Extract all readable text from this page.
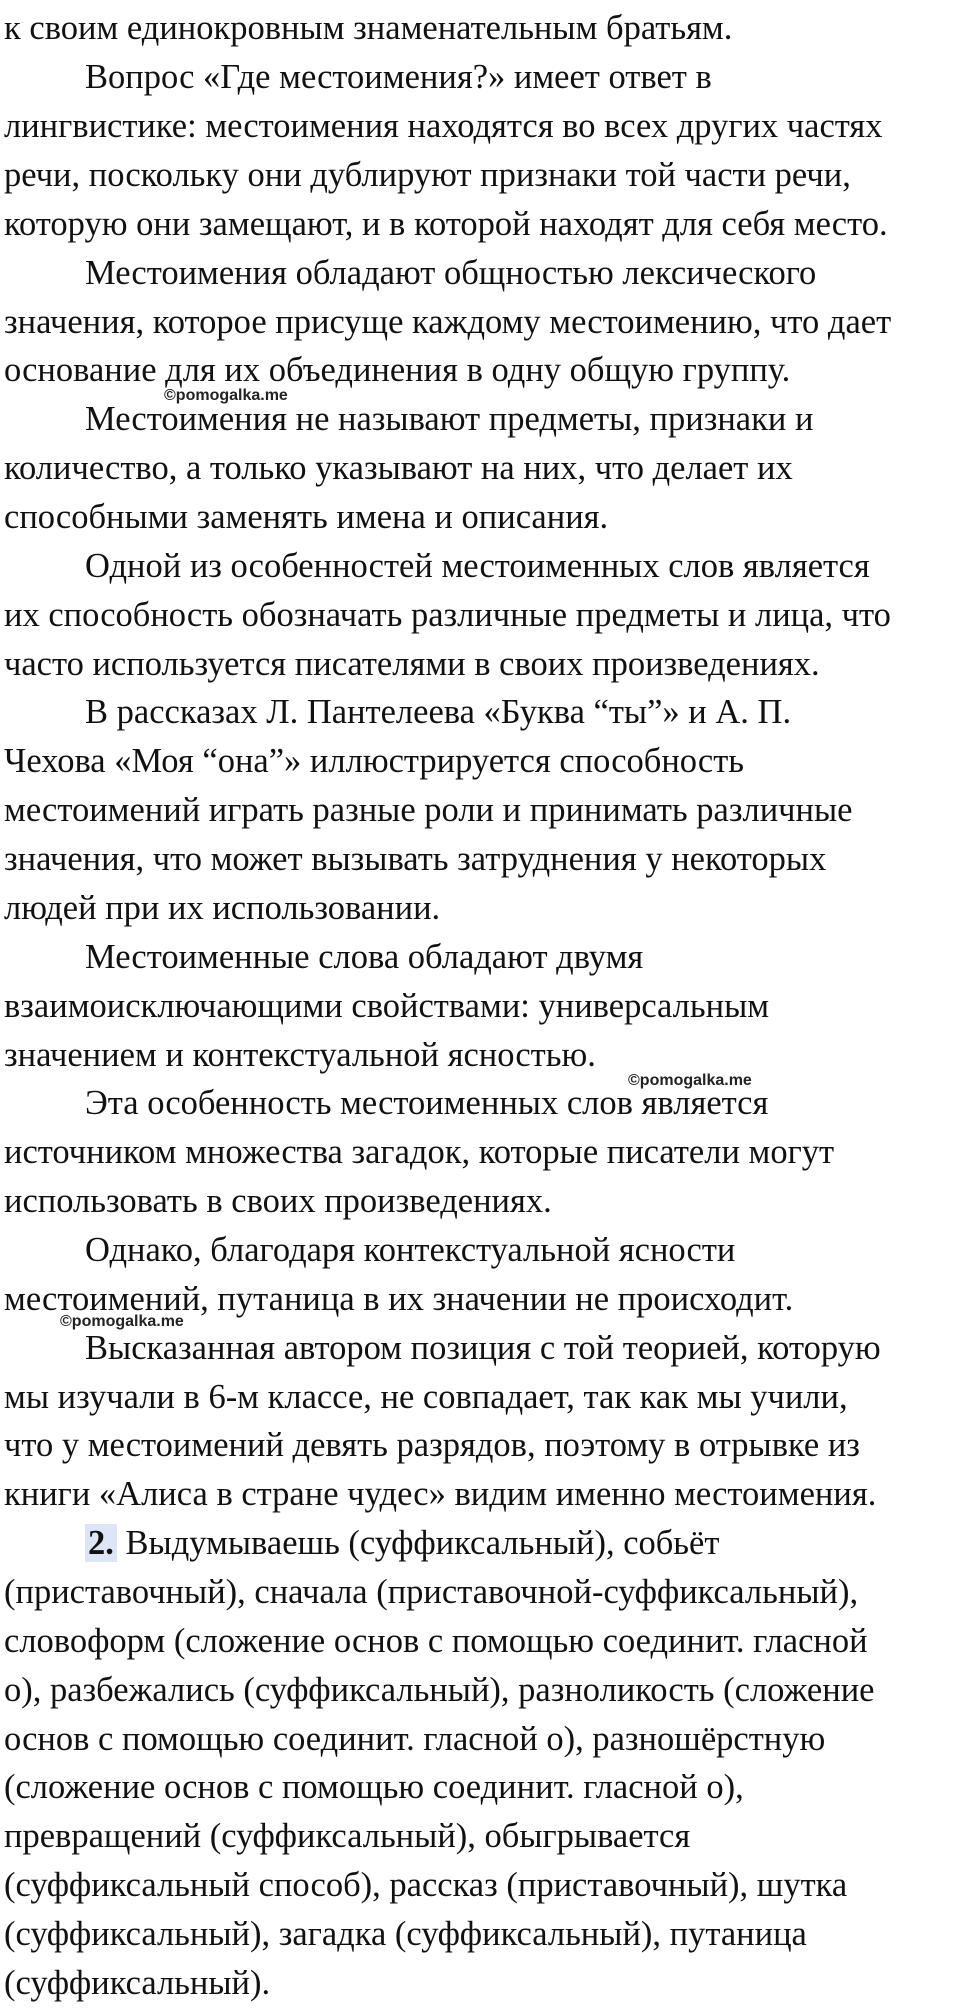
к своим единокровным знаменательным братьям.
Вопрос «Где местоимения?» имеет ответ в
лингвистике: местоимения находятся во всех других частях
речи, поскольку они дублируют признаки той части речи,
которую они замещают, и в которой находят для себя место.
Местоимения обладают общностью лексического
значения, которое присуще каждому местоимению, что дает
основание для их объединения в одну общую группу.
Местоимения не называют предметы, признаки и
количество, а только указывают на них, что делает их
способными заменять имена и описания.
Одной из особенностей местоименных слов является
их способность обозначать различные предметы и лица, что
часто используется писателями в своих произведениях.
В рассказах Л. Пантелеева «Буква “ты”» и А. П.
Чехова «Моя “она”» иллюстрируется способность
местоимений играть разные роли и принимать различные
значения, что может вызывать затруднения у некоторых
людей при их использовании.
Местоименные слова обладают двумя
взаимоисключающими свойствами: универсальным
значением и контекстуальной ясностью.
Эта особенность местоименных слов является
источником множества загадок, которые писатели могут
использовать в своих произведениях.
Однако, благодаря контекстуальной ясности
местоимений, путаница в их значении не происходит.
Высказанная автором позиция с той теорией, которую
мы изучали в 6-м классе, не совпадает, так как мы учили,
что у местоимений девять разрядов, поэтому в отрывке из
книги «Алиса в стране чудес» видим именно местоимения.
2. Выдумываешь (суффиксальный), собьёт
(приставочный), сначала (приставочной-суффиксальный),
словоформ (сложение основ с помощью соединит. гласной
о), разбежались (суффиксальный), разноликость (сложение
основ с помощью соединит. гласной о), разношёрстную
(сложение основ с помощью соединит. гласной о),
превращений (суффиксальный), обыгрывается
(суффиксальный способ), рассказ (приставочный), шутка
(суффиксальный), загадка (суффиксальный), путаница
(суффиксальный).
©pomogalka.me
©pomogalka.me
©pomogalka.me
